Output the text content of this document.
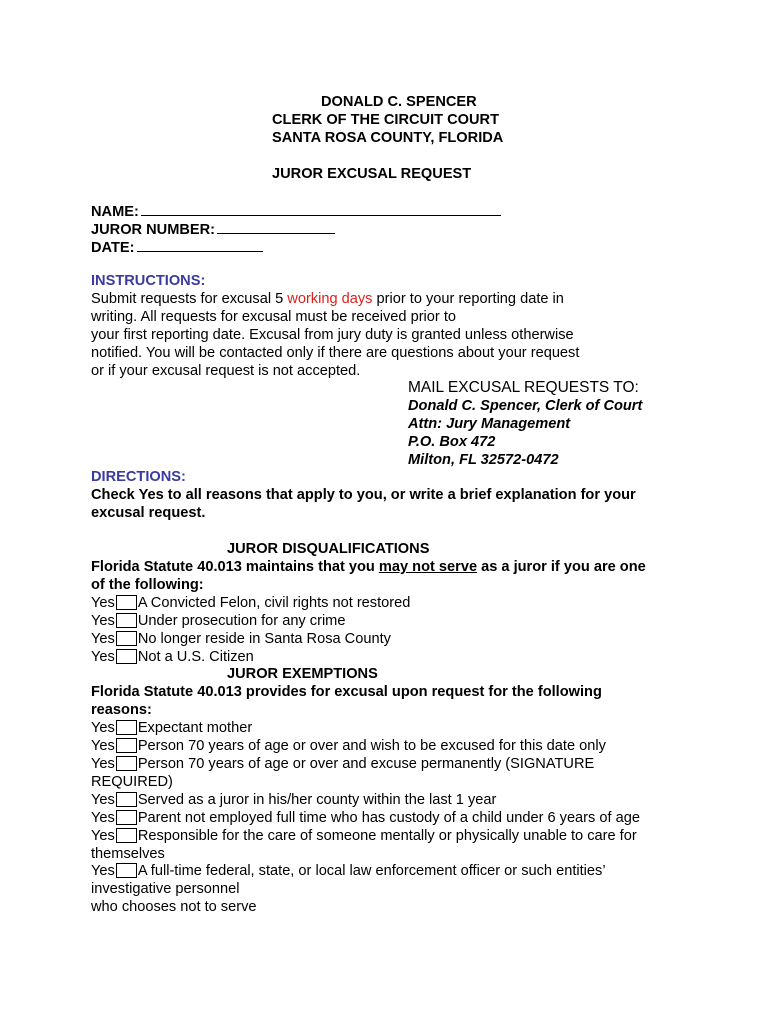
DONALD C. SPENCER
CLERK OF THE CIRCUIT COURT
SANTA ROSA COUNTY, FLORIDA
JUROR EXCUSAL REQUEST
NAME:
JUROR NUMBER:
DATE:
INSTRUCTIONS:
Submit requests for excusal 5 working days prior to your reporting date in
writing. All requests for excusal must be received prior to
your first reporting date. Excusal from jury duty is granted unless otherwise
notified. You will be contacted only if there are questions about your request
or if your excusal request is not accepted.
MAIL EXCUSAL REQUESTS TO:
Donald C. Spencer, Clerk of Court
Attn: Jury Management
P.O. Box 472
Milton, FL 32572-0472
DIRECTIONS:
Check Yes to all reasons that apply to you, or write a brief explanation for your
excusal request.
JUROR DISQUALIFICATIONS
Florida Statute 40.013 maintains that you may not serve as a juror if you are one
of the following:
Yes A Convicted Felon, civil rights not restored
Yes Under prosecution for any crime
Yes No longer reside in Santa Rosa County
Yes Not a U.S. Citizen
JUROR EXEMPTIONS
Florida Statute 40.013 provides for excusal upon request for the following
reasons:
Yes Expectant mother
Yes Person 70 years of age or over and wish to be excused for this date only
Yes Person 70 years of age or over and excuse permanently (SIGNATURE
REQUIRED)
Yes Served as a juror in his/her county within the last 1 year
Yes Parent not employed full time who has custody of a child under 6 years of age
Yes Responsible for the care of someone mentally or physically unable to care for
themselves
Yes A full-time federal, state, or local law enforcement officer or such entities’
investigative personnel
who chooses not to serve
